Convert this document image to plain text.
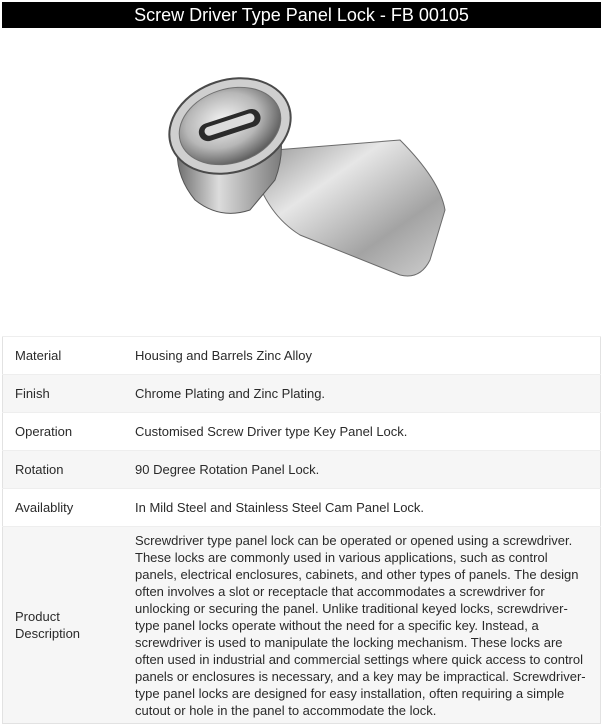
Screw Driver Type Panel Lock - FB 00105
Material	Housing and Barrels Zinc Alloy
Finish	Chrome Plating and Zinc Plating.
Operation	Customised Screw Driver type Key Panel Lock.
Rotation	90 Degree Rotation Panel Lock.
Availablity	In Mild Steel and Stainless Steel Cam Panel Lock.
Product Description	Screwdriver type panel lock can be operated or opened using a screwdriver. These locks are commonly used in various applications, such as control panels, electrical enclosures, cabinets, and other types of panels. The design often involves a slot or receptacle that accommodates a screwdriver for unlocking or securing the panel. Unlike traditional keyed locks, screwdriver-type panel locks operate without the need for a specific key. Instead, a screwdriver is used to manipulate the locking mechanism. These locks are often used in industrial and commercial settings where quick access to control panels or enclosures is necessary, and a key may be impractical. Screwdriver-type panel locks are designed for easy installation, often requiring a simple cutout or hole in the panel to accommodate the lock.
